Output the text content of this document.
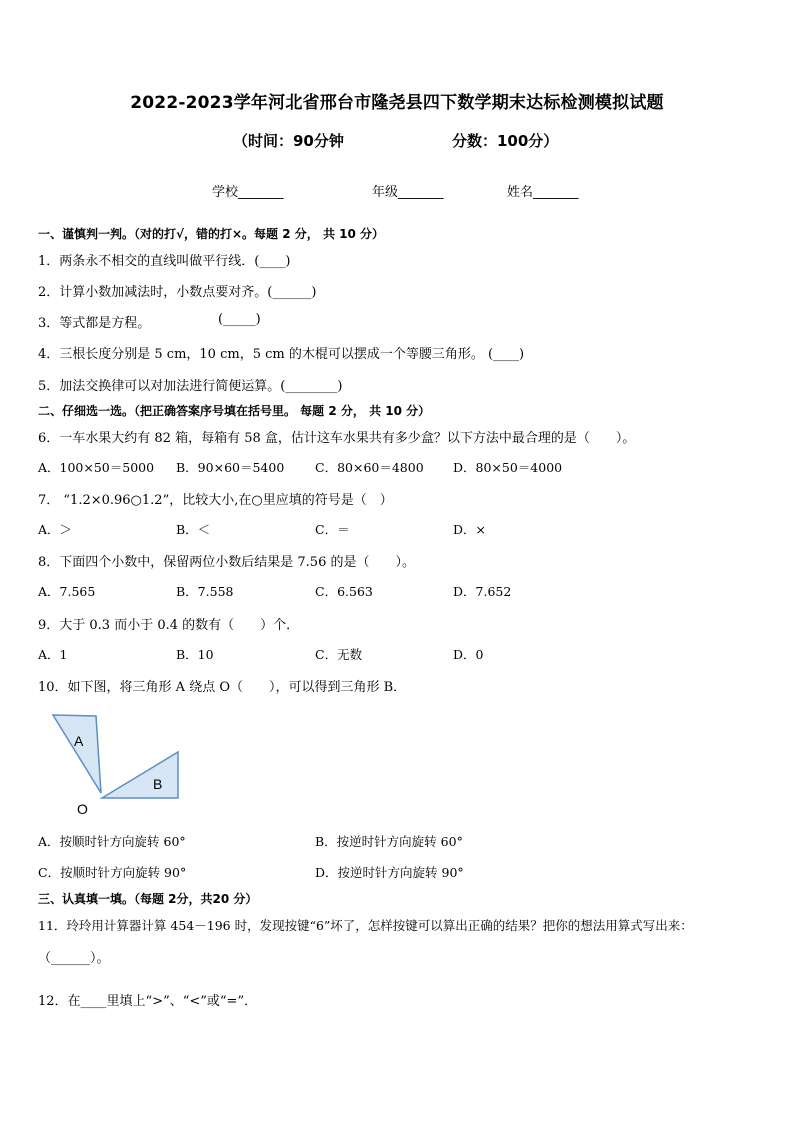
2022-2023学年河北省邢台市隆尧县四下数学期末达标检测模拟试题
（时间：90分钟	分数：100分）
学校_______	年级_______	姓名_______
一、谨慎判一判。（对的打√，错的打×。每题 2 分， 共 10 分）
1．两条永不相交的直线叫做平行线．(____)
2．计算小数加减法时，小数点要对齐。(______)
3．等式都是方程。	(_____)
4．三根长度分别是 5 cm，10 cm，5 cm 的木棍可以摆成一个等腰三角形。 (____)
5．加法交换律可以对加法进行简便运算。(________)
二、仔细选一选。（把正确答案序号填在括号里。 每题 2 分， 共 10 分）
6．一车水果大约有 82 箱，每箱有 58 盒，估计这车水果共有多少盒？以下方法中最合理的是（　　）。
A．100×50＝5000 B．90×60＝5400 C．80×60＝4800 D．80×50＝4000
7． “1.2×0.96○1.2”，比较大小,在○里应填的符号是（　）
A．＞	B．＜	C．＝	D．×
8．下面四个小数中，保留两位小数后结果是 7.56 的是（　　）。
A．7.565	B．7.558	C．6.563	D．7.652
9．大于 0.3 而小于 0.4 的数有（　　）个．
A．1	B．10	C．无数	D．0
10．如下图，将三角形 A 绕点 O（　　），可以得到三角形 B．
A
B
O
A．按顺时针方向旋转 60°	B．按逆时针方向旋转 60°
C．按顺时针方向旋转 90°	D．按逆时针方向旋转 90°
三、认真填一填。（每题 2分，共20 分）
11．玲玲用计算器计算 454－196 时，发现按键“6”坏了，怎样按键可以算出正确的结果？把你的想法用算式写出来：
（______）。
12．在____里填上“>”、“<”或“=”．
